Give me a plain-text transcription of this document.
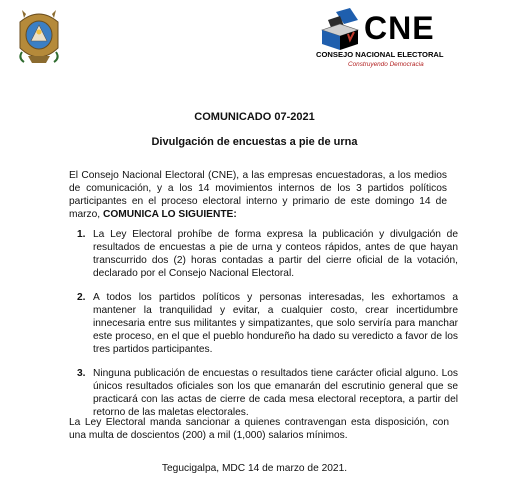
CNE
CONSEJO NACIONAL ELECTORAL
Construyendo Democracia
COMUNICADO 07-2021
Divulgación de encuestas a pie de urna

El Consejo Nacional Electoral (CNE), a las empresas encuestadoras, a los medios de comunicación, y a los 14 movimientos internos de los 3 partidos políticos participantes en el proceso electoral interno y primario de este domingo 14 de marzo, COMUNICA LO SIGUIENTE:

1. La Ley Electoral prohíbe de forma expresa la publicación y divulgación de resultados de encuestas a pie de urna y conteos rápidos, antes de que hayan transcurrido dos (2) horas contadas a partir del cierre oficial de la votación, declarado por el Consejo Nacional Electoral.
2. A todos los partidos políticos y personas interesadas, les exhortamos a mantener la tranquilidad y evitar, a cualquier costo, crear incertidumbre innecesaria entre sus militantes y simpatizantes, que solo serviría para manchar este proceso, en el que el pueblo hondureño ha dado su veredicto a favor de los tres partidos participantes.
3. Ninguna publicación de encuestas o resultados tiene carácter oficial alguno. Los únicos resultados oficiales son los que emanarán del escrutinio general que se practicará con las actas de cierre de cada mesa electoral receptora, a partir del retorno de las maletas electorales.

La Ley Electoral manda sancionar a quienes contravengan esta disposición, con una multa de doscientos (200) a mil (1,000) salarios mínimos.

Tegucigalpa, MDC 14 de marzo de 2021.
